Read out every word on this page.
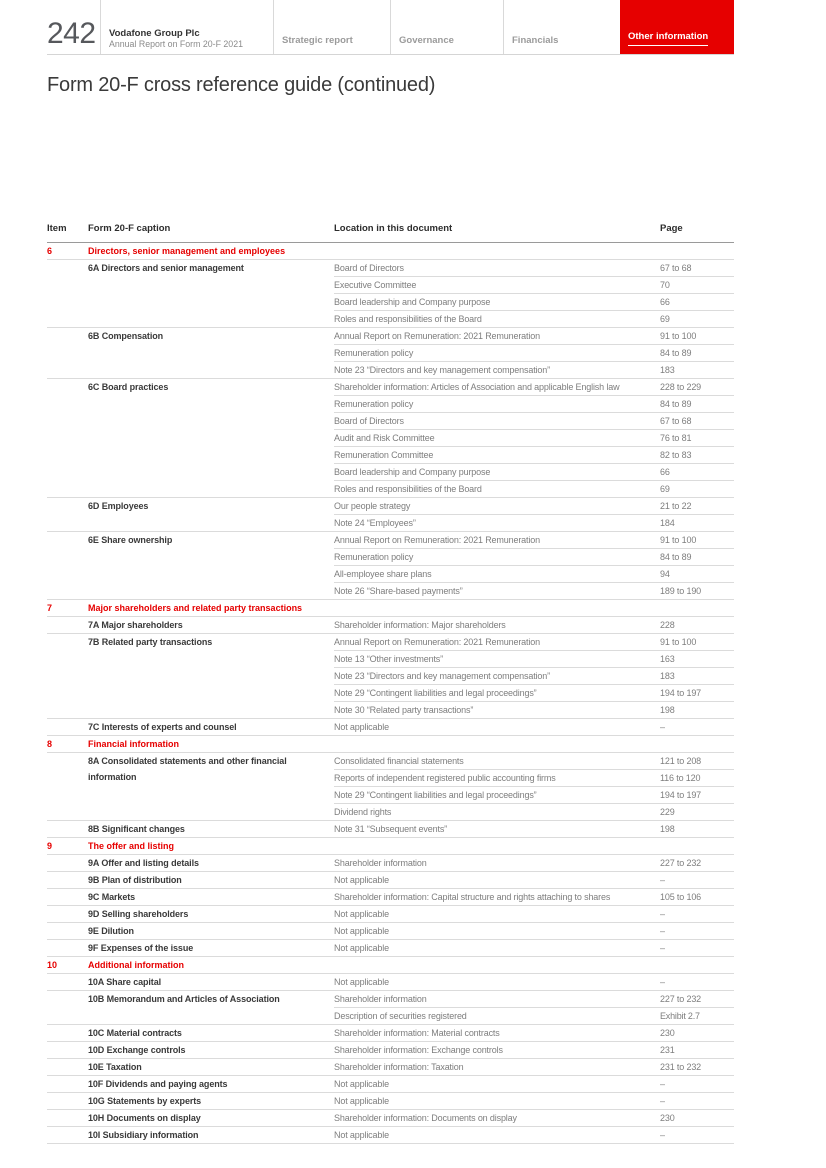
242 Vodafone Group Plc
Annual Report on Form 20-F 2021	Strategic report	Governance	Financials	Other information
Form 20-F cross reference guide (continued)
Item	Form 20-F caption	Location in this document	Page
6	Directors, senior management and employees		
	6A Directors and senior management	Board of Directors	67 to 68
		Executive Committee	70
		Board leadership and Company purpose	66
		Roles and responsibilities of the Board	69
	6B Compensation	Annual Report on Remuneration: 2021 Remuneration	91 to 100
		Remuneration policy	84 to 89
		Note 23 “Directors and key management compensation”	183
	6C Board practices	Shareholder information: Articles of Association and applicable English law	228 to 229
		Remuneration policy	84 to 89
		Board of Directors	67 to 68
		Audit and Risk Committee	76 to 81
		Remuneration Committee	82 to 83
		Board leadership and Company purpose	66
		Roles and responsibilities of the Board	69
	6D Employees	Our people strategy	21 to 22
		Note 24 “Employees”	184
	6E Share ownership	Annual Report on Remuneration: 2021 Remuneration	91 to 100
		Remuneration policy	84 to 89
		All-employee share plans	94
		Note 26 “Share-based payments”	189 to 190
7	Major shareholders and related party transactions		
	7A Major shareholders	Shareholder information: Major shareholders	228
	7B Related party transactions	Annual Report on Remuneration: 2021 Remuneration	91 to 100
		Note 13 “Other investments”	163
		Note 23 “Directors and key management compensation”	183
		Note 29 “Contingent liabilities and legal proceedings”	194 to 197
		Note 30 “Related party transactions”	198
	7C Interests of experts and counsel	Not applicable	–
8	Financial information		
	8A Consolidated statements and other financial information	Consolidated financial statements	121 to 208
		Reports of independent registered public accounting firms	116 to 120
		Note 29 “Contingent liabilities and legal proceedings”	194 to 197
		Dividend rights	229
	8B Significant changes	Note 31 “Subsequent events”	198
9	The offer and listing		
	9A Offer and listing details	Shareholder information	227 to 232
	9B Plan of distribution	Not applicable	–
	9C Markets	Shareholder information: Capital structure and rights attaching to shares	105 to 106
	9D Selling shareholders	Not applicable	–
	9E Dilution	Not applicable	–
	9F Expenses of the issue	Not applicable	–
10	Additional information		
	10A Share capital	Not applicable	–
	10B Memorandum and Articles of Association	Shareholder information	227 to 232
		Description of securities registered	Exhibit 2.7
	10C Material contracts	Shareholder information: Material contracts	230
	10D Exchange controls	Shareholder information: Exchange controls	231
	10E Taxation	Shareholder information: Taxation	231 to 232
	10F Dividends and paying agents	Not applicable	–
	10G Statements by experts	Not applicable	–
	10H Documents on display	Shareholder information: Documents on display	230
	10I Subsidiary information	Not applicable	–
